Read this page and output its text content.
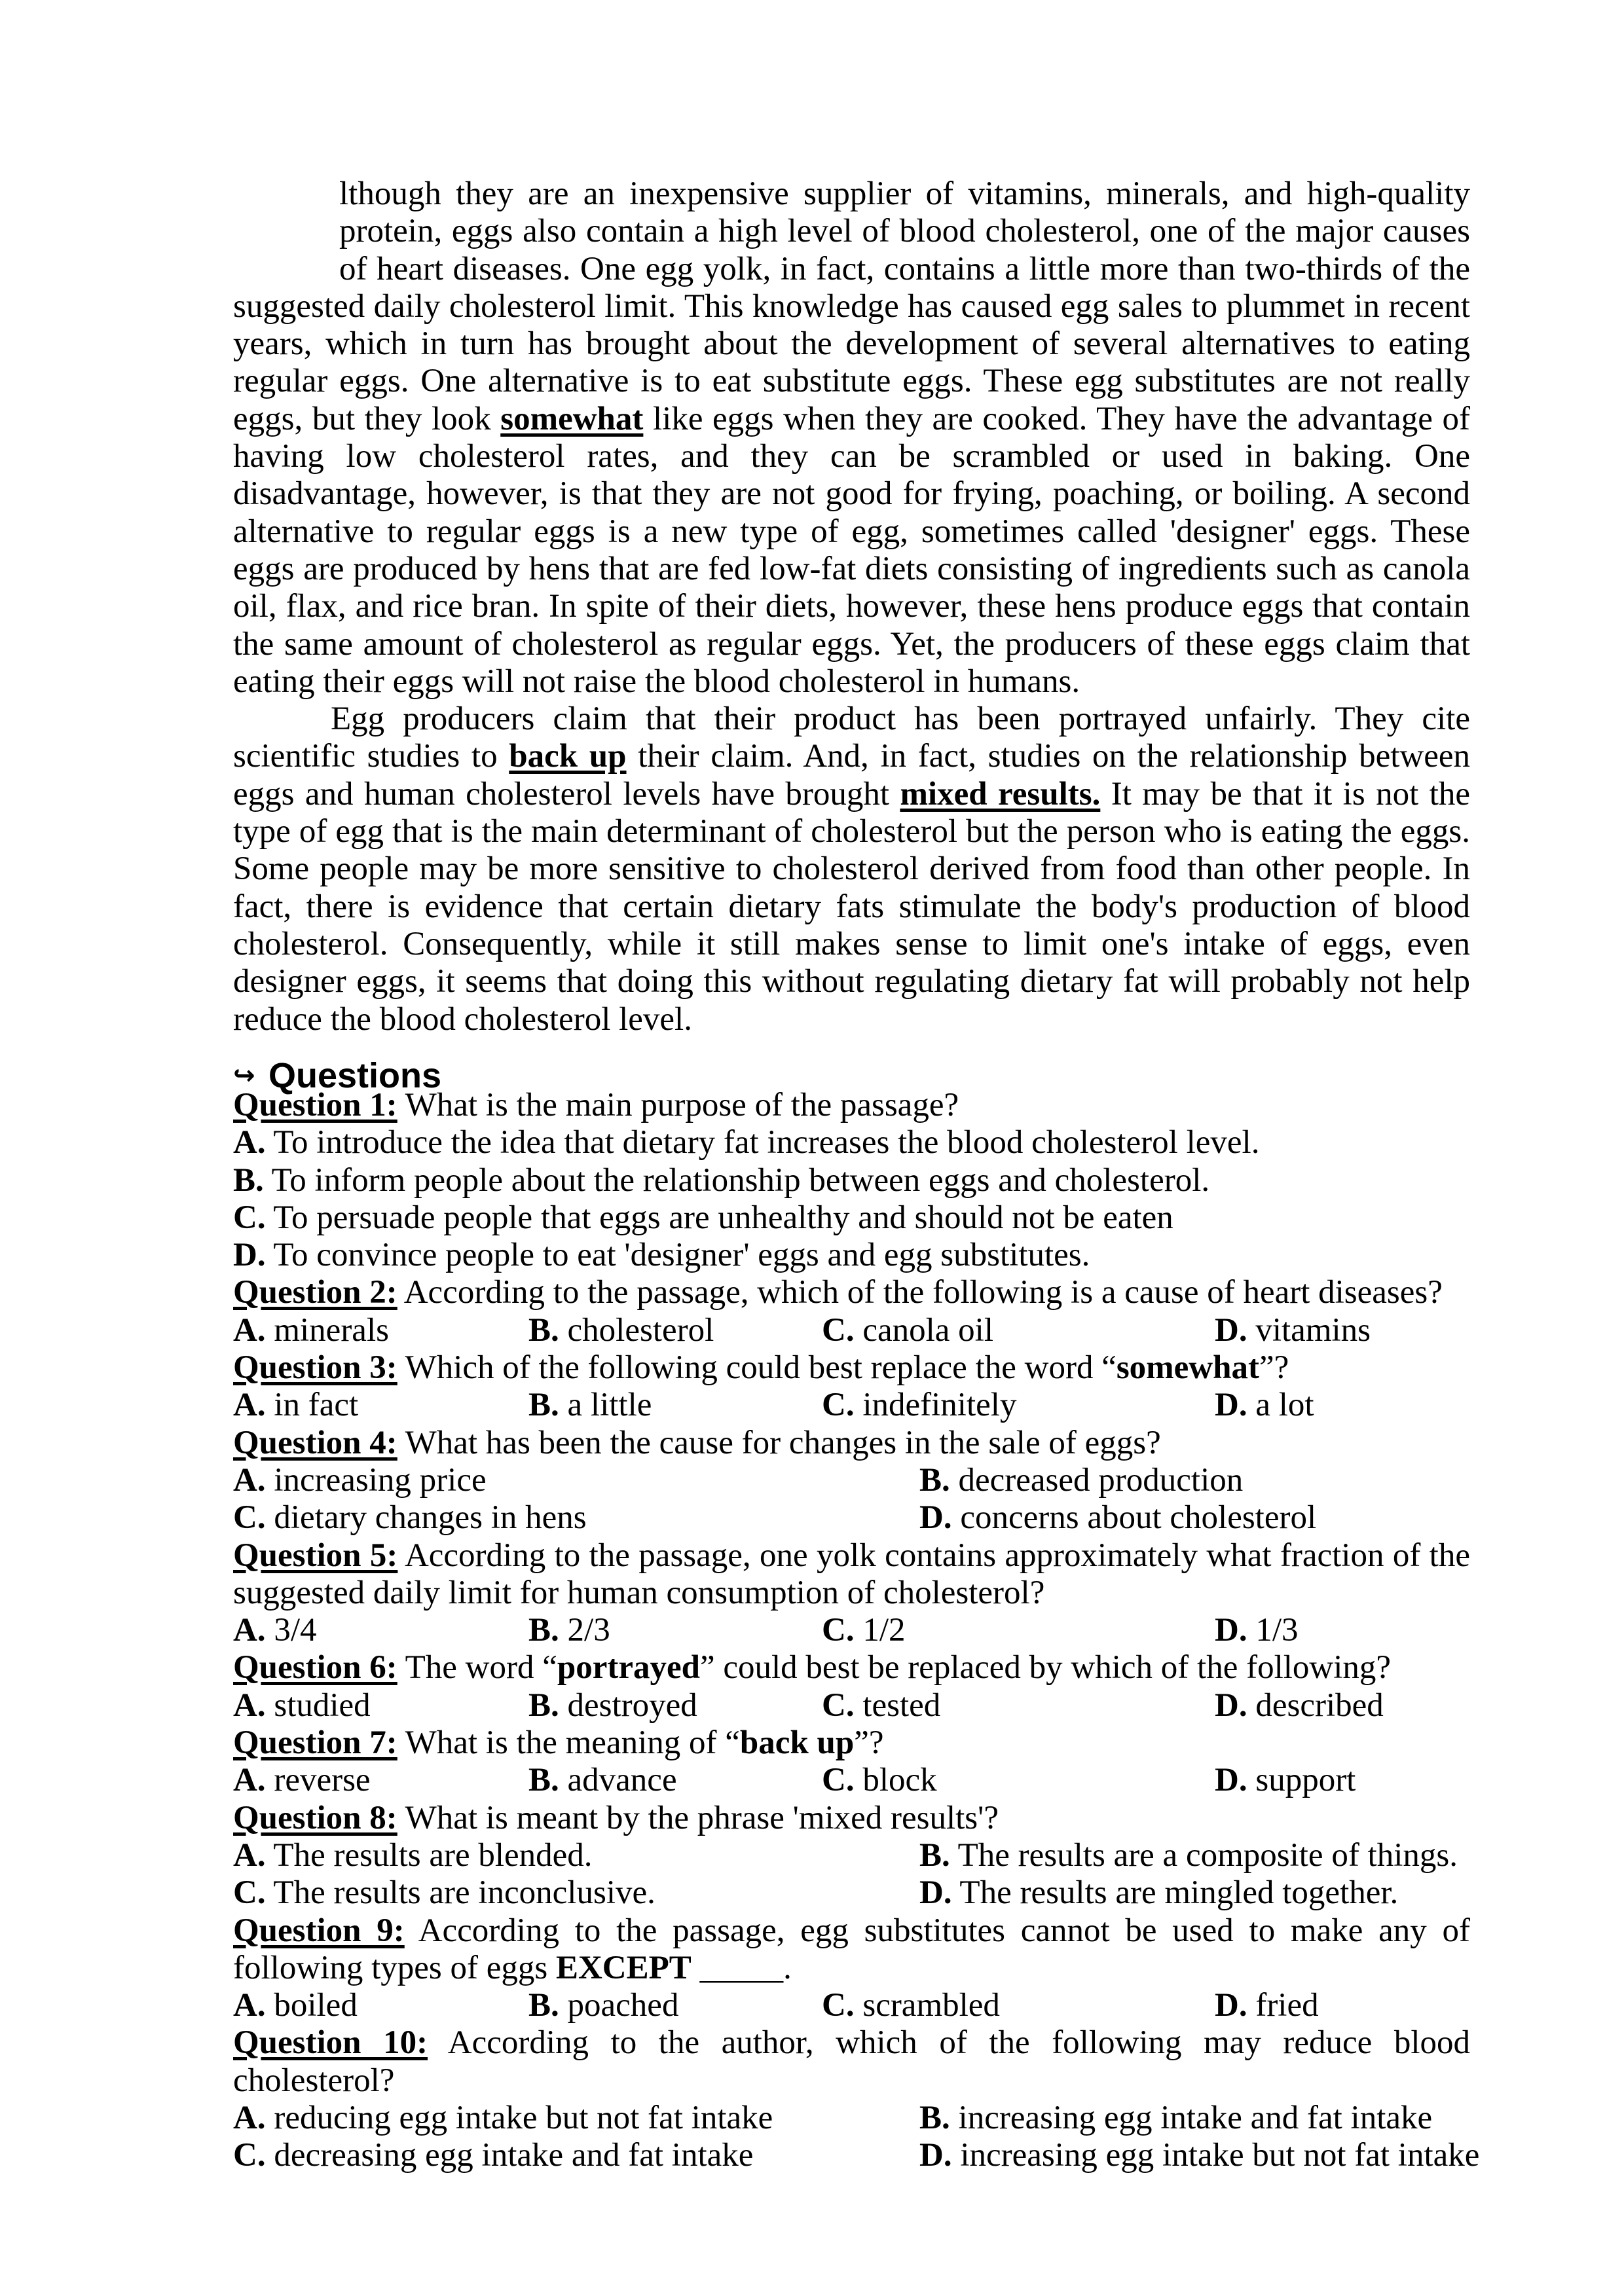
lthough they are an inexpensive supplier of vitamins, minerals, and high-quality protein, eggs also contain a high level of blood cholesterol, one of the major causes of heart diseases. One egg yolk, in fact, contains a little more than two-thirds of the suggested daily cholesterol limit. This knowledge has caused egg sales to plummet in recent years, which in turn has brought about the development of several alternatives to eating regular eggs. One alternative is to eat substitute eggs. These egg substitutes are not really eggs, but they look somewhat like eggs when they are cooked. They have the advantage of having low cholesterol rates, and they can be scrambled or used in baking. One disadvantage, however, is that they are not good for frying, poaching, or boiling. A second alternative to regular eggs is a new type of egg, sometimes called 'designer' eggs. These eggs are produced by hens that are fed low-fat diets consisting of ingredients such as canola oil, flax, and rice bran. In spite of their diets, however, these hens produce eggs that contain the same amount of cholesterol as regular eggs. Yet, the producers of these eggs claim that eating their eggs will not raise the blood cholesterol in humans.

Egg producers claim that their product has been portrayed unfairly. They cite scientific studies to back up their claim. And, in fact, studies on the relationship between eggs and human cholesterol levels have brought mixed results. It may be that it is not the type of egg that is the main determinant of cholesterol but the person who is eating the eggs. Some people may be more sensitive to cholesterol derived from food than other people. In fact, there is evidence that certain dietary fats stimulate the body's production of blood cholesterol. Consequently, while it still makes sense to limit one's intake of eggs, even designer eggs, it seems that doing this without regulating dietary fat will probably not help reduce the blood cholesterol level.

↪ Questions

Question 1: What is the main purpose of the passage?

A. To introduce the idea that dietary fat increases the blood cholesterol level.

B. To inform people about the relationship between eggs and cholesterol.

C. To persuade people that eggs are unhealthy and should not be eaten

D. To convince people to eat 'designer' eggs and egg substitutes.

Question 2: According to the passage, which of the following is a cause of heart diseases?

A. minerals	B. cholesterol	C. canola oil	D. vitamins

Question 3: Which of the following could best replace the word “somewhat”?

A. in fact	B. a little	C. indefinitely	D. a lot

Question 4: What has been the cause for changes in the sale of eggs?

A. increasing price	B. decreased production
C. dietary changes in hens	D. concerns about cholesterol

Question 5: According to the passage, one yolk contains approximately what fraction of the suggested daily limit for human consumption of cholesterol?

A. 3/4	B. 2/3	C. 1/2	D. 1/3

Question 6: The word “portrayed” could best be replaced by which of the following?

A. studied	B. destroyed	C. tested	D. described

Question 7: What is the meaning of “back up”?

A. reverse	B. advance	C. block	D. support

Question 8: What is meant by the phrase 'mixed results'?

A. The results are blended.	B. The results are a composite of things.
C. The results are inconclusive.	D. The results are mingled together.

Question 9: According to the passage, egg substitutes cannot be used to make any of following types of eggs EXCEPT _____.

A. boiled	B. poached	C. scrambled	D. fried

Question 10: According to the author, which of the following may reduce blood cholesterol?

A. reducing egg intake but not fat intake	B. increasing egg intake and fat intake
C. decreasing egg intake and fat intake	D. increasing egg intake but not fat intake
